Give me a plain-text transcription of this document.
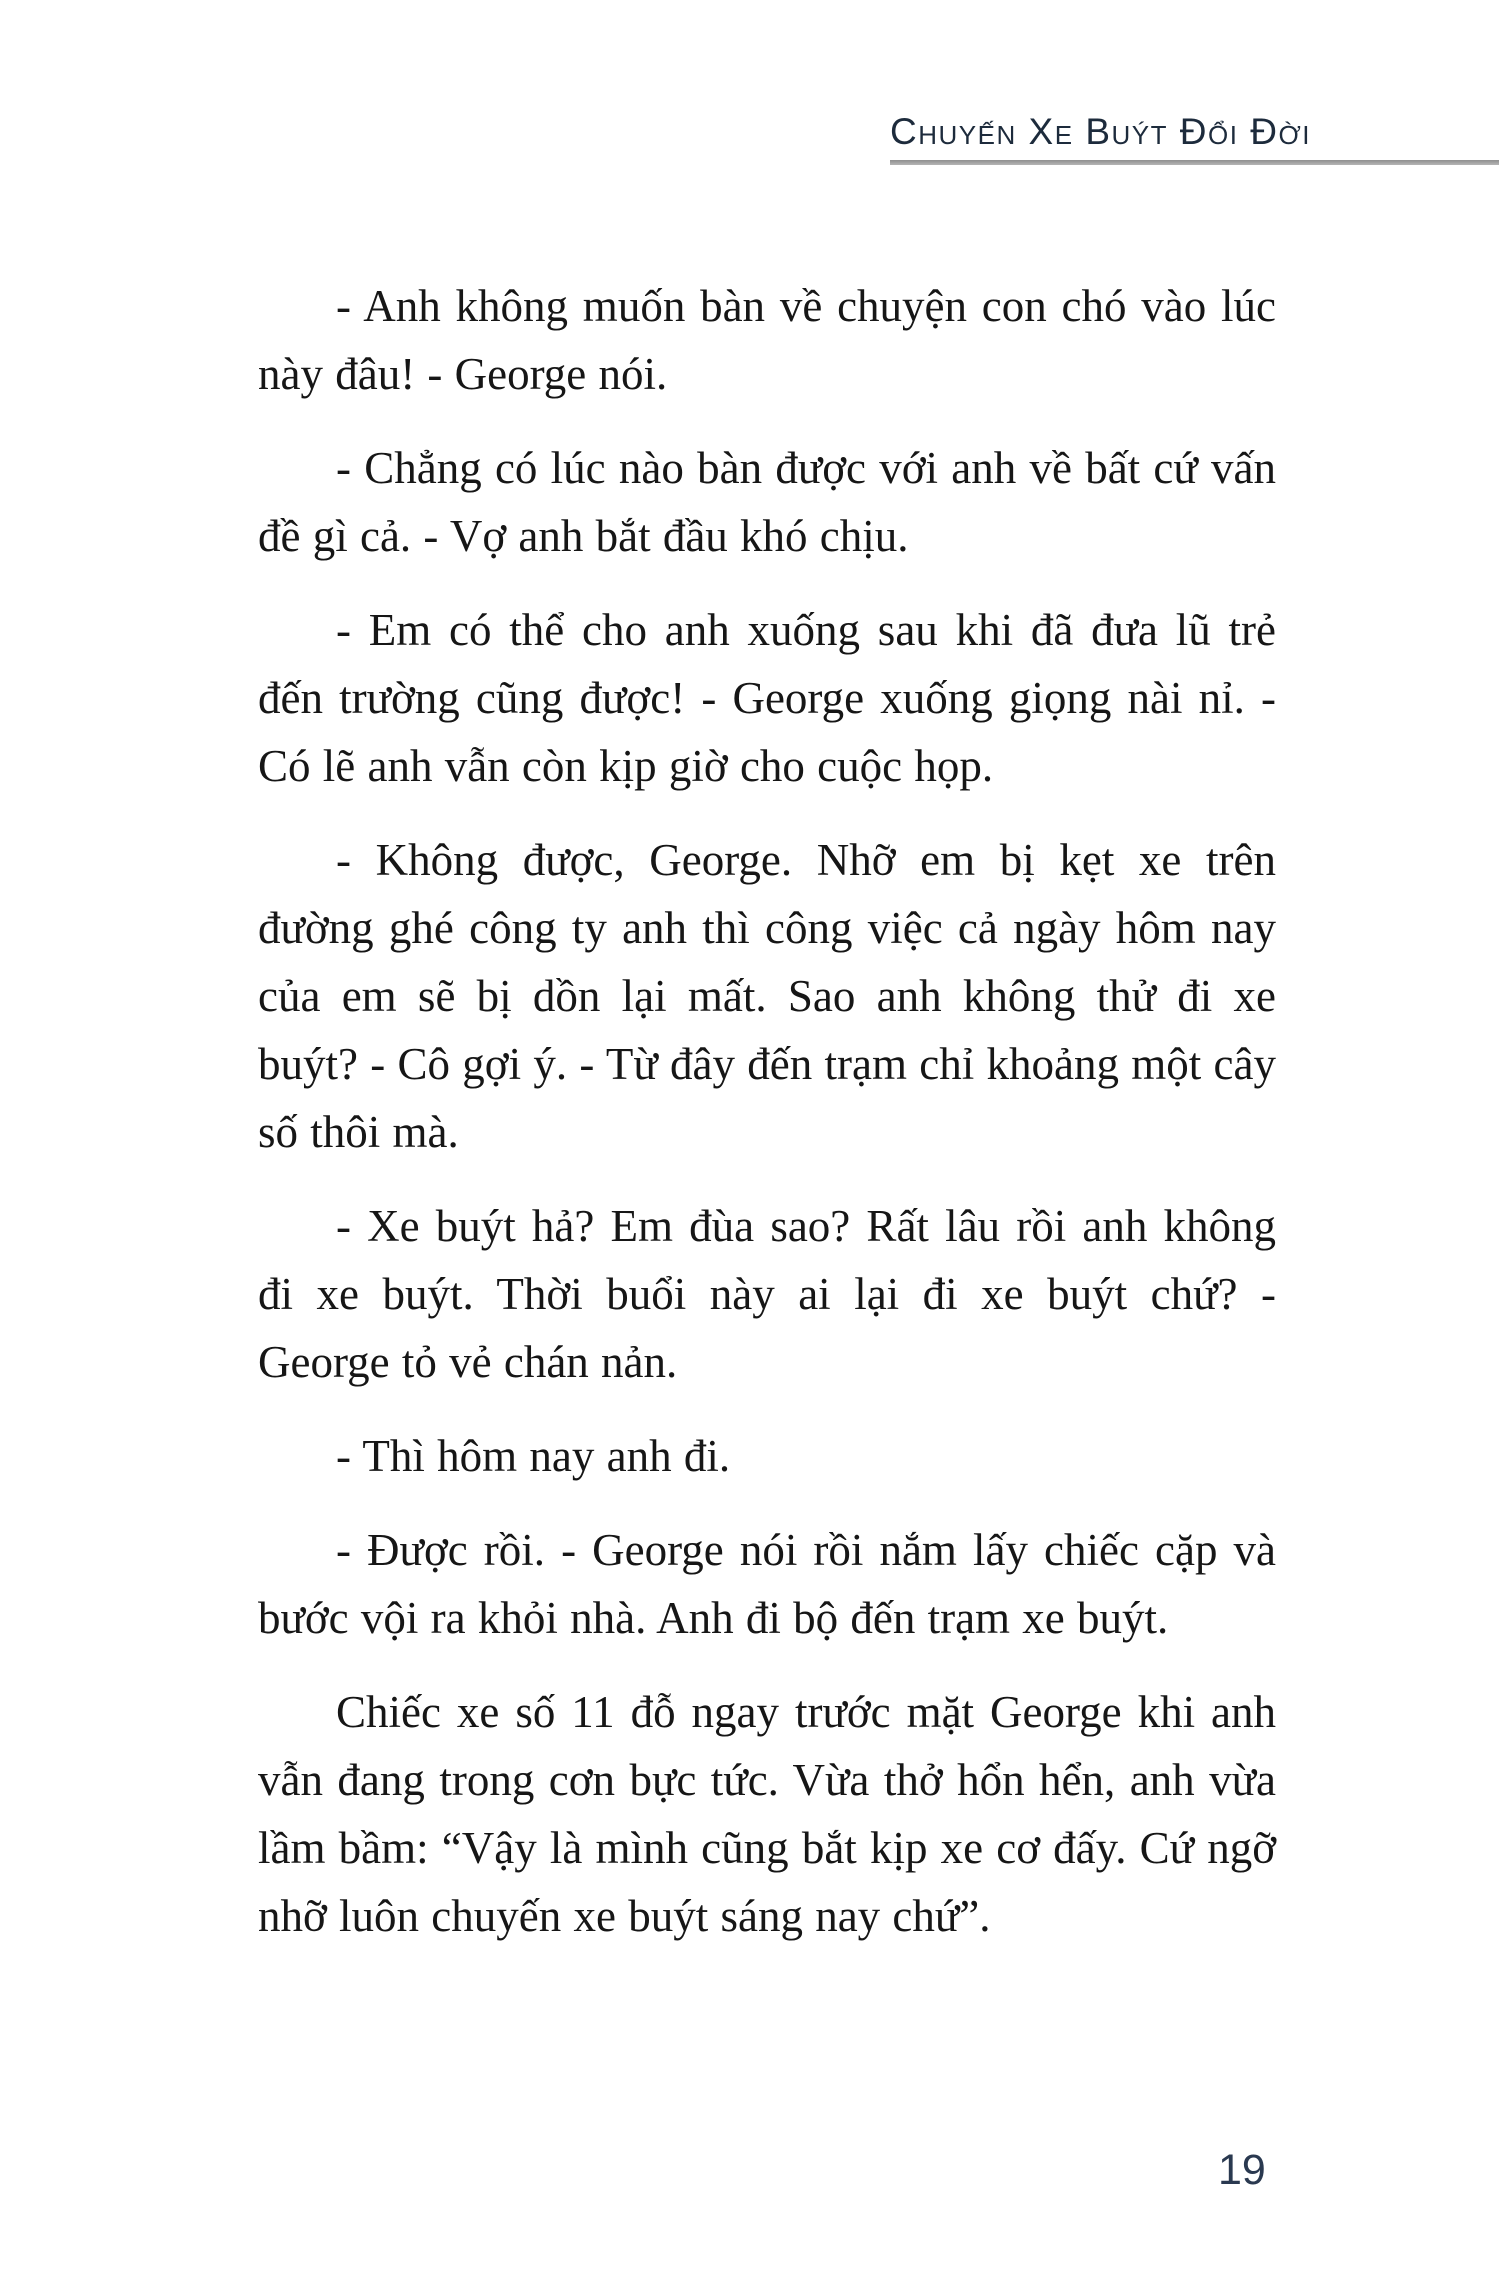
Chuyến Xe Buýt Đổi Đời

- Anh không muốn bàn về chuyện con chó vào lúc này đâu! - George nói.

- Chẳng có lúc nào bàn được với anh về bất cứ vấn đề gì cả. - Vợ anh bắt đầu khó chịu.

- Em có thể cho anh xuống sau khi đã đưa lũ trẻ đến trường cũng được! - George xuống giọng nài nỉ. - Có lẽ anh vẫn còn kịp giờ cho cuộc họp.

- Không được, George. Nhỡ em bị kẹt xe trên đường ghé công ty anh thì công việc cả ngày hôm nay của em sẽ bị dồn lại mất. Sao anh không thử đi xe buýt? - Cô gợi ý. - Từ đây đến trạm chỉ khoảng một cây số thôi mà.

- Xe buýt hả? Em đùa sao? Rất lâu rồi anh không đi xe buýt. Thời buổi này ai lại đi xe buýt chứ? - George tỏ vẻ chán nản.

- Thì hôm nay anh đi.

- Được rồi. - George nói rồi nắm lấy chiếc cặp và bước vội ra khỏi nhà. Anh đi bộ đến trạm xe buýt.

Chiếc xe số 11 đỗ ngay trước mặt George khi anh vẫn đang trong cơn bực tức. Vừa thở hổn hển, anh vừa lầm bầm: “Vậy là mình cũng bắt kịp xe cơ đấy. Cứ ngỡ nhỡ luôn chuyến xe buýt sáng nay chứ”.

19
